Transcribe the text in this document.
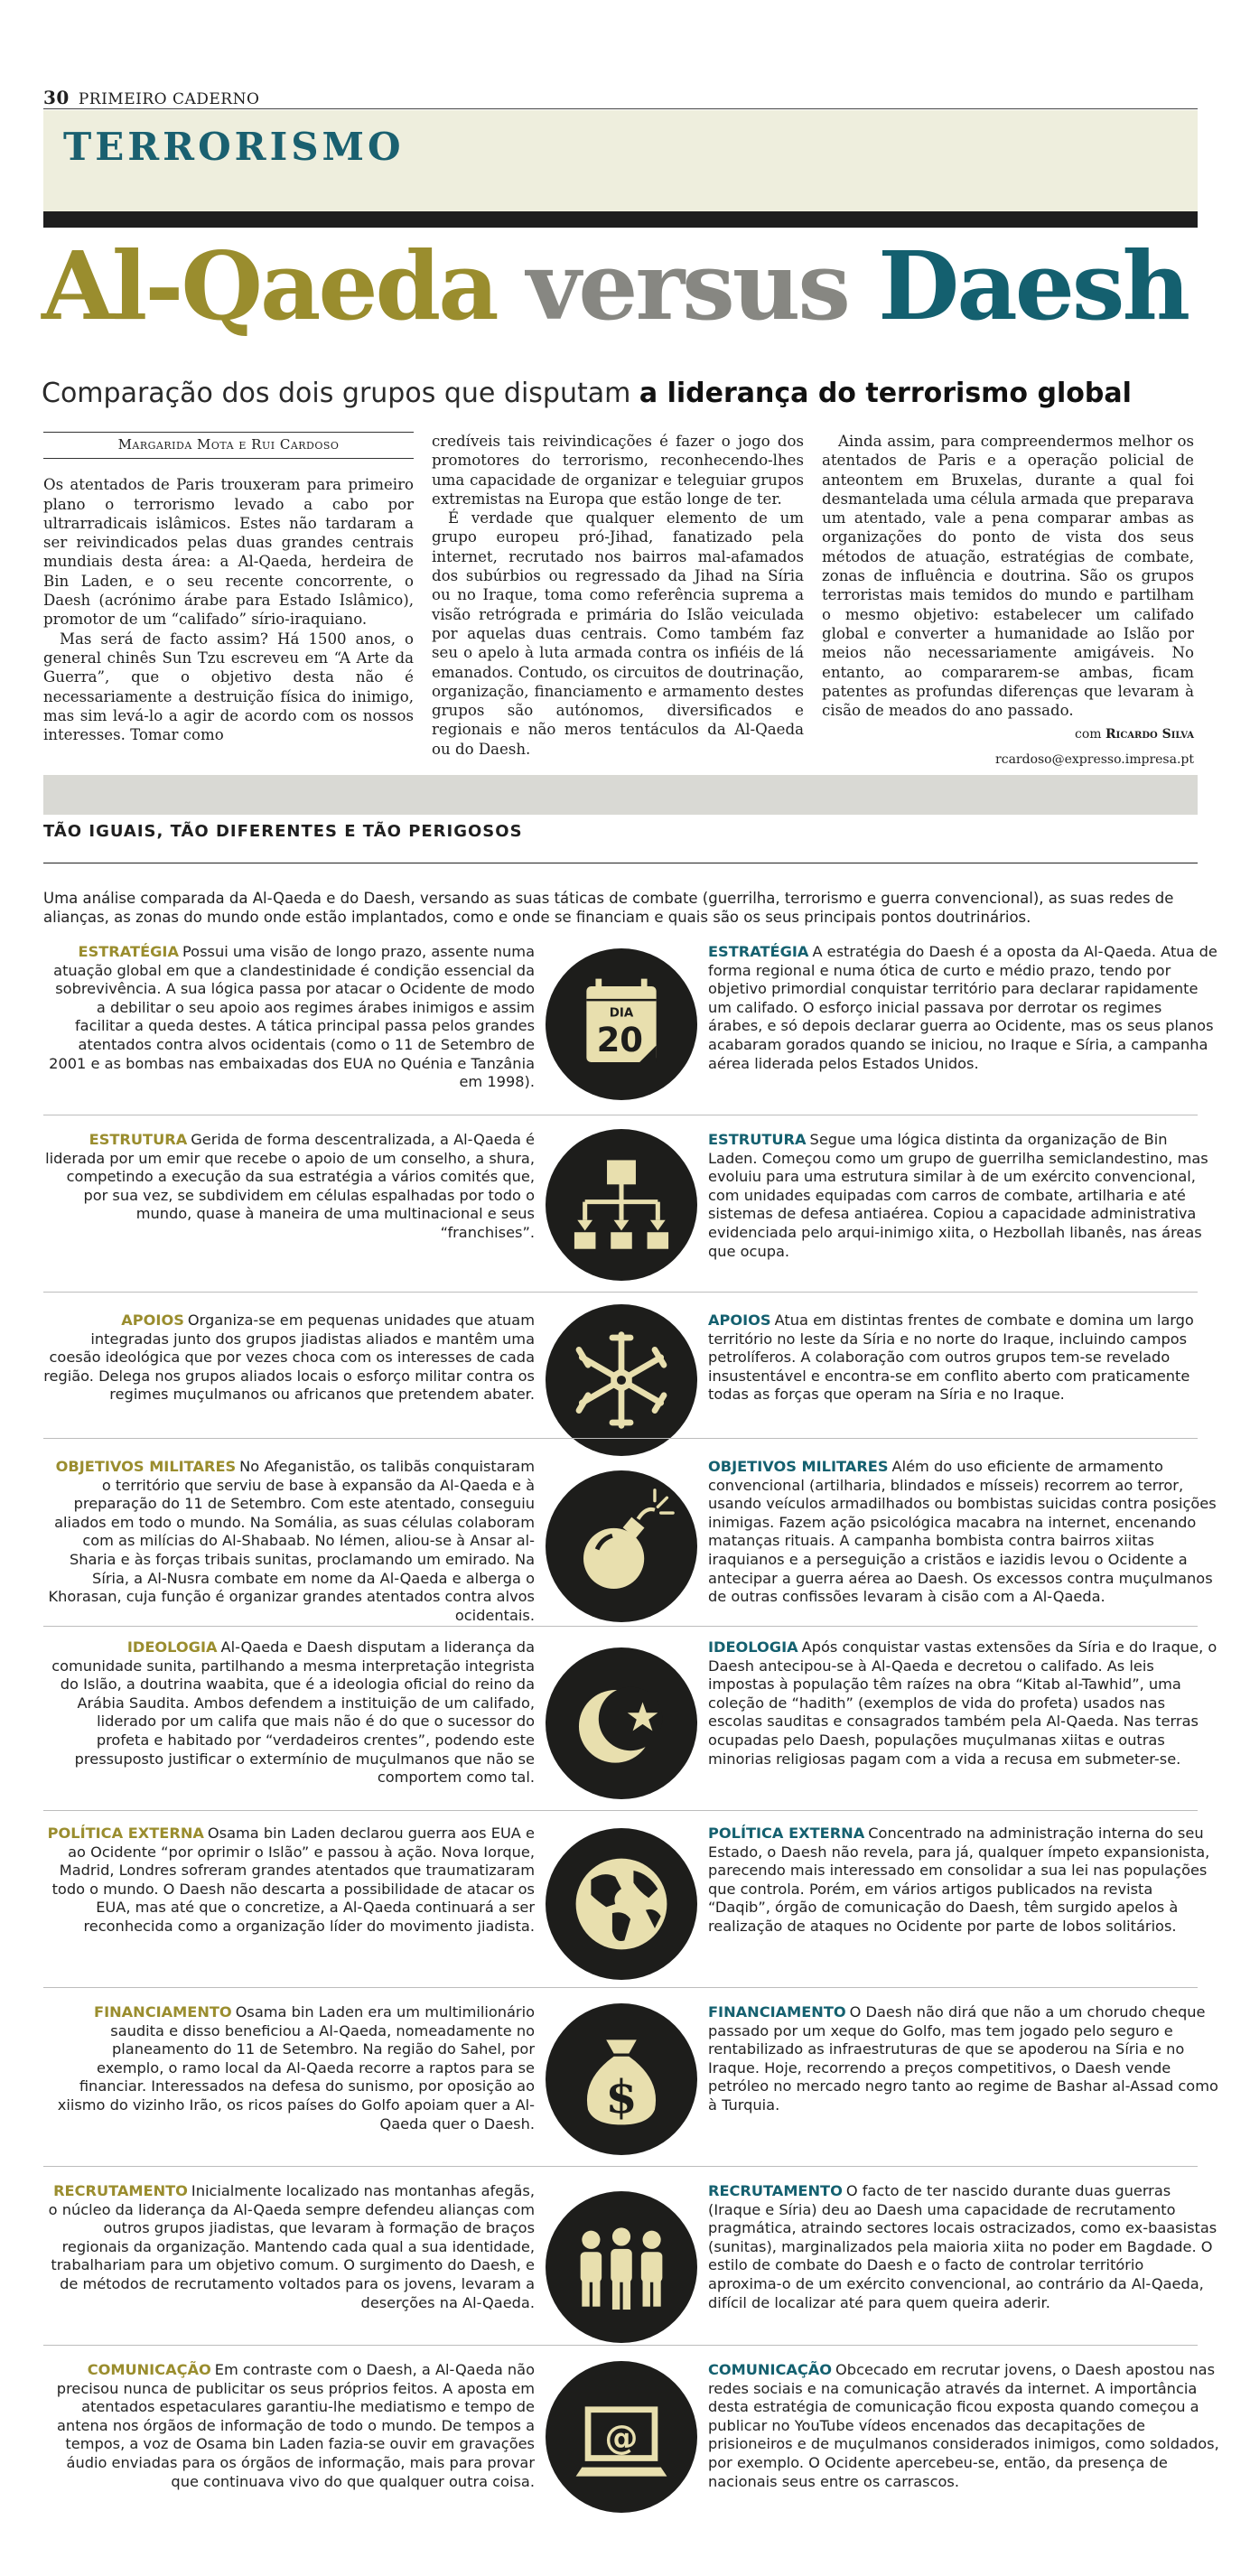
30 PRIMEIRO CADERNO
TERRORISMO
Al-Qaeda versus Daesh
Comparação dos dois grupos que disputam a liderança do terrorismo global
Margarida Mota e Rui Cardoso

Os atentados de Paris trouxeram para primeiro plano o terrorismo levado a cabo por ultrarradicais islâmicos. Estes não tardaram a ser reivindicados pelas duas grandes centrais mundiais desta área: a Al-Qaeda, herdeira de Bin Laden, e o seu recente concorrente, o Daesh (acrónimo árabe para Estado Islâmico), promotor de um “califado” sírio-iraquiano.

Mas será de facto assim? Há 1500 anos, o general chinês Sun Tzu escreveu em “A Arte da Guerra”, que o objetivo desta não é necessariamente a destruição física do inimigo, mas sim levá-lo a agir de acordo com os nossos interesses. Tomar como

credíveis tais reivindicações é fazer o jogo dos promotores do terrorismo, reconhecendo-lhes uma capacidade de organizar e teleguiar grupos extremistas na Europa que estão longe de ter.

É verdade que qualquer elemento de um grupo europeu pró-Jihad, fanatizado pela internet, recrutado nos bairros mal-afamados dos subúrbios ou regressado da Jihad na Síria ou no Iraque, toma como referência suprema a visão retrógrada e primária do Islão veiculada por aquelas duas centrais. Como também faz seu o apelo à luta armada contra os infiéis de lá emanados. Contudo, os circuitos de doutrinação, organização, financiamento e armamento destes grupos são autónomos, diversificados e regionais e não meros tentáculos da Al-Qaeda ou do Daesh.

Ainda assim, para compreendermos melhor os atentados de Paris e a operação policial de anteontem em Bruxelas, durante a qual foi desmantelada uma célula armada que preparava um atentado, vale a pena comparar ambas as organizações do ponto de vista dos seus métodos de atuação, estratégias de combate, zonas de influência e doutrina. São os grupos terroristas mais temidos do mundo e partilham o mesmo objetivo: estabelecer um califado global e converter a humanidade ao Islão por meios não necessariamente amigáveis. No entanto, ao compararem-se ambas, ficam patentes as profundas diferenças que levaram à cisão de meados do ano passado.

com Ricardo Silva
rcardoso@expresso.impresa.pt
TÃO IGUAIS, TÃO DIFERENTES E TÃO PERIGOSOS
Uma análise comparada da Al-Qaeda e do Daesh, versando as suas táticas de combate (guerrilha, terrorismo e guerra convencional), as suas redes de alianças, as zonas do mundo onde estão implantados, como e onde se financiam e quais são os seus principais pontos doutrinários.
ESTRATÉGIA Possui uma visão de longo prazo, assente numa atuação global em que a clandestinidade é condição essencial da sobrevivência. A sua lógica passa por atacar o Ocidente de modo a debilitar o seu apoio aos regimes árabes inimigos e assim facilitar a queda destes. A tática principal passa pelos grandes atentados contra alvos ocidentais (como o 11 de Setembro de 2001 e as bombas nas embaixadas dos EUA no Quénia e Tanzânia em 1998).
DIA
20
ESTRATÉGIA A estratégia do Daesh é a oposta da Al-Qaeda. Atua de forma regional e numa ótica de curto e médio prazo, tendo por objetivo primordial conquistar território para declarar rapidamente um califado. O esforço inicial passava por derrotar os regimes árabes, e só depois declarar guerra ao Ocidente, mas os seus planos acabaram gorados quando se iniciou, no Iraque e Síria, a campanha aérea liderada pelos Estados Unidos.
ESTRUTURA Gerida de forma descentralizada, a Al-Qaeda é liderada por um emir que recebe o apoio de um conselho, a shura, competindo a execução da sua estratégia a vários comités que, por sua vez, se subdividem em células espalhadas por todo o mundo, quase à maneira de uma multinacional e seus “franchises”.
ESTRUTURA Segue uma lógica distinta da organização de Bin Laden. Começou como um grupo de guerrilha semiclandestino, mas evoluiu para uma estrutura similar à de um exército convencional, com unidades equipadas com carros de combate, artilharia e até sistemas de defesa antiaérea. Copiou a capacidade administrativa evidenciada pelo arqui-inimigo xiita, o Hezbollah libanês, nas áreas que ocupa.
APOIOS Organiza-se em pequenas unidades que atuam integradas junto dos grupos jiadistas aliados e mantêm uma coesão ideológica que por vezes choca com os interesses de cada região. Delega nos grupos aliados locais o esforço militar contra os regimes muçulmanos ou africanos que pretendem abater.
APOIOS Atua em distintas frentes de combate e domina um largo território no leste da Síria e no norte do Iraque, incluindo campos petrolíferos. A colaboração com outros grupos tem-se revelado insustentável e encontra-se em conflito aberto com praticamente todas as forças que operam na Síria e no Iraque.
OBJETIVOS MILITARES No Afeganistão, os talibãs conquistaram o território que serviu de base à expansão da Al-Qaeda e à preparação do 11 de Setembro. Com este atentado, conseguiu aliados em todo o mundo. Na Somália, as suas células colaboram com as milícias do Al-Shabaab. No Iémen, aliou-se à Ansar al-Sharia e às forças tribais sunitas, proclamando um emirado. Na Síria, a Al-Nusra combate em nome da Al-Qaeda e alberga o Khorasan, cuja função é organizar grandes atentados contra alvos ocidentais.
OBJETIVOS MILITARES Além do uso eficiente de armamento convencional (artilharia, blindados e mísseis) recorrem ao terror, usando veículos armadilhados ou bombistas suicidas contra posições inimigas. Fazem ação psicológica macabra na internet, encenando matanças rituais. A campanha bombista contra bairros xiitas iraquianos e a perseguição a cristãos e iazidis levou o Ocidente a antecipar a guerra aérea ao Daesh. Os excessos contra muçulmanos de outras confissões levaram à cisão com a Al-Qaeda.
IDEOLOGIA Al-Qaeda e Daesh disputam a liderança da comunidade sunita, partilhando a mesma interpretação integrista do Islão, a doutrina waabita, que é a ideologia oficial do reino da Arábia Saudita. Ambos defendem a instituição de um califado, liderado por um califa que mais não é do que o sucessor do profeta e habitado por “verdadeiros crentes”, podendo este pressuposto justificar o extermínio de muçulmanos que não se comportem como tal.
IDEOLOGIA Após conquistar vastas extensões da Síria e do Iraque, o Daesh antecipou-se à Al-Qaeda e decretou o califado. As leis impostas à população têm raízes na obra “Kitab al-Tawhid”, uma coleção de “hadith” (exemplos de vida do profeta) usados nas escolas sauditas e consagrados também pela Al-Qaeda. Nas terras ocupadas pelo Daesh, populações muçulmanas xiitas e outras minorias religiosas pagam com a vida a recusa em submeter-se.
POLÍTICA EXTERNA Osama bin Laden declarou guerra aos EUA e ao Ocidente “por oprimir o Islão” e passou à ação. Nova Iorque, Madrid, Londres sofreram grandes atentados que traumatizaram todo o mundo. O Daesh não descarta a possibilidade de atacar os EUA, mas até que o concretize, a Al-Qaeda continuará a ser reconhecida como a organização líder do movimento jiadista.
POLÍTICA EXTERNA Concentrado na administração interna do seu Estado, o Daesh não revela, para já, qualquer ímpeto expansionista, parecendo mais interessado em consolidar a sua lei nas populações que controla. Porém, em vários artigos publicados na revista “Daqib”, órgão de comunicação do Daesh, têm surgido apelos à realização de ataques no Ocidente por parte de lobos solitários.
FINANCIAMENTO Osama bin Laden era um multimilionário saudita e disso beneficiou a Al-Qaeda, nomeadamente no planeamento do 11 de Setembro. Na região do Sahel, por exemplo, o ramo local da Al-Qaeda recorre a raptos para se financiar. Interessados na defesa do sunismo, por oposição ao xiismo do vizinho Irão, os ricos países do Golfo apoiam quer a Al-Qaeda quer o Daesh.
$
FINANCIAMENTO O Daesh não dirá que não a um chorudo cheque passado por um xeque do Golfo, mas tem jogado pelo seguro e rentabilizado as infraestruturas de que se apoderou na Síria e no Iraque. Hoje, recorrendo a preços competitivos, o Daesh vende petróleo no mercado negro tanto ao regime de Bashar al-Assad como à Turquia.
RECRUTAMENTO Inicialmente localizado nas montanhas afegãs, o núcleo da liderança da Al-Qaeda sempre defendeu alianças com outros grupos jiadistas, que levaram à formação de braços regionais da organização. Mantendo cada qual a sua identidade, trabalhariam para um objetivo comum. O surgimento do Daesh, e de métodos de recrutamento voltados para os jovens, levaram a deserções na Al-Qaeda.
RECRUTAMENTO O facto de ter nascido durante duas guerras (Iraque e Síria) deu ao Daesh uma capacidade de recrutamento pragmática, atraindo sectores locais ostracizados, como ex-baasistas (sunitas), marginalizados pela maioria xiita no poder em Bagdade. O estilo de combate do Daesh e o facto de controlar território aproxima-o de um exército convencional, ao contrário da Al-Qaeda, difícil de localizar até para quem queira aderir.
COMUNICAÇÃO Em contraste com o Daesh, a Al-Qaeda não precisou nunca de publicitar os seus próprios feitos. A aposta em atentados espetaculares garantiu-lhe mediatismo e tempo de antena nos órgãos de informação de todo o mundo. De tempos a tempos, a voz de Osama bin Laden fazia-se ouvir em gravações áudio enviadas para os órgãos de informação, mais para provar que continuava vivo do que qualquer outra coisa.
@
COMUNICAÇÃO Obcecado em recrutar jovens, o Daesh apostou nas redes sociais e na comunicação através da internet. A importância desta estratégia de comunicação ficou exposta quando começou a publicar no YouTube vídeos encenados das decapitações de prisioneiros e de muçulmanos considerados inimigos, como soldados, por exemplo. O Ocidente apercebeu-se, então, da presença de nacionais seus entre os carrascos.
